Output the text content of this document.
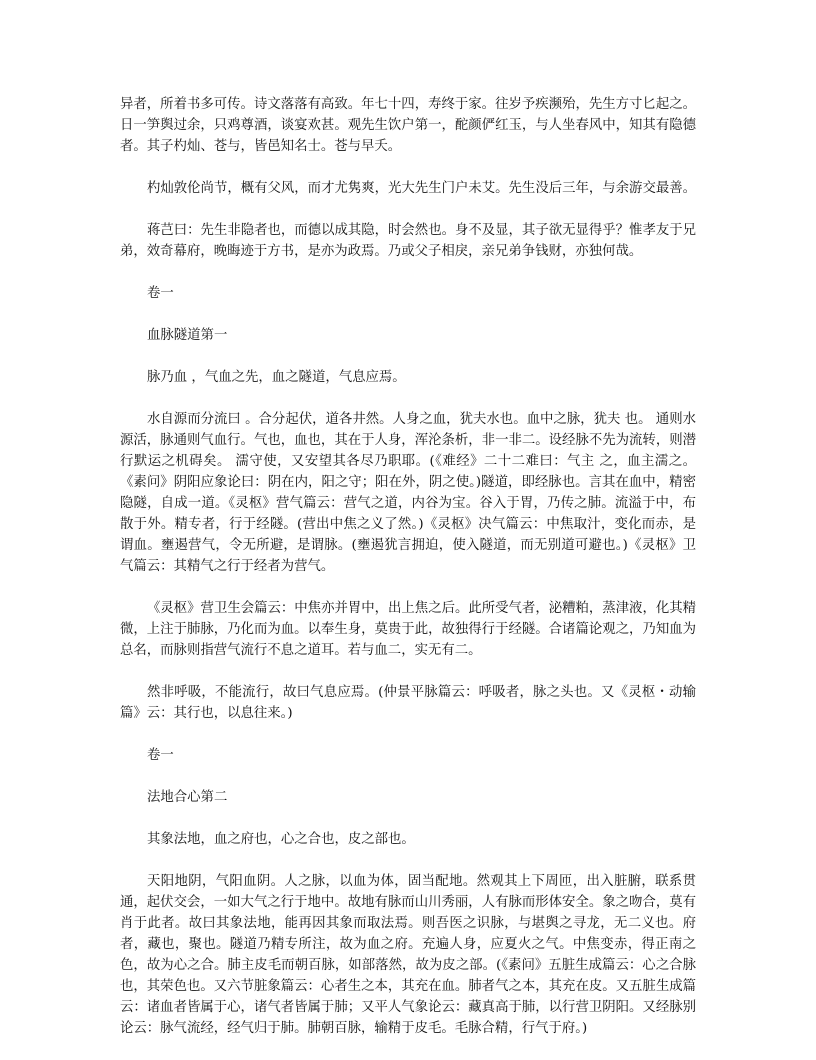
异者，所着书多可传。诗文落落有高致。年七十四，寿终于家。往岁予疾濒殆，先生方寸匕起之。日一笋舆过余，只鸡尊酒，谈宴欢甚。观先生饮户第一，酡颜俨红玉，与人坐春风中，知其有隐德者。其子杓灿、苍与，皆邑知名士。苍与早夭。

杓灿敦伦尚节，概有父风，而才尤隽爽，光大先生门户未艾。先生没后三年，与余游交最善。

蒋芑曰：先生非隐者也，而德以成其隐，时会然也。身不及显，其子欲无显得乎？惟孝友于兄弟，效奇幕府，晚晦迹于方书，是亦为政焉。乃或父子相戾，亲兄弟争钱财，亦独何哉。

卷一

血脉隧道第一

脉乃血 ，气血之先，血之隧道，气息应焉。

水自源而分流曰 。合分起伏，道各井然。人身之血，犹夫水也。血中之脉，犹夫 也。 通则水源活，脉通则气血行。气也，血也，其在于人身，浑沦条析，非一非二。设经脉不先为流转，则潜行默运之机碍矣。 濡守使，又安望其各尽乃职耶。(《难经》二十二难曰：气主 之，血主濡之。《素问》阴阳应象论曰：阴在内，阳之守；阳在外，阴之使。)隧道，即经脉也。言其在血中，精密隐隧，自成一道。《灵枢》营气篇云：营气之道，内谷为宝。谷入于胃，乃传之肺。流溢于中，布散于外。精专者，行于经隧。(营出中焦之义了然。)《灵枢》决气篇云：中焦取汁，变化而赤，是谓血。壅遏营气，令无所避，是谓脉。(壅遏犹言拥迫，使入隧道，而无别道可避也。)《灵枢》卫气篇云：其精气之行于经者为营气。

《灵枢》营卫生会篇云：中焦亦并胃中，出上焦之后。此所受气者，泌糟粕，蒸津液，化其精微，上注于肺脉，乃化而为血。以奉生身，莫贵于此，故独得行于经隧。合诸篇论观之，乃知血为总名，而脉则指营气流行不息之道耳。若与血二，实无有二。

然非呼吸，不能流行，故曰气息应焉。(仲景平脉篇云：呼吸者，脉之头也。又《灵枢・动输篇》云：其行也，以息往来。)

卷一

法地合心第二

其象法地，血之府也，心之合也，皮之部也。

天阳地阴，气阳血阴。人之脉，以血为体，固当配地。然观其上下周匝，出入脏腑，联系贯通，起伏交会，一如大气之行于地中。故地有脉而山川秀丽，人有脉而形体安全。象之吻合，莫有肖于此者。故曰其象法地，能再因其象而取法焉。则吾医之识脉，与堪舆之寻龙，无二义也。府者，藏也，聚也。隧道乃精专所注，故为血之府。充遍人身，应夏火之气。中焦变赤，得正南之色，故为心之合。肺主皮毛而朝百脉，如部落然，故为皮之部。(《素问》五脏生成篇云：心之合脉也，其荣色也。又六节脏象篇云：心者生之本，其充在血。肺者气之本，其充在皮。又五脏生成篇云：诸血者皆属于心，诸气者皆属于肺；又平人气象论云：藏真高于肺，以行营卫阴阳。又经脉别论云：脉气流经，经气归于肺。肺朝百脉，输精于皮毛。毛脉合精，行气于府。)
